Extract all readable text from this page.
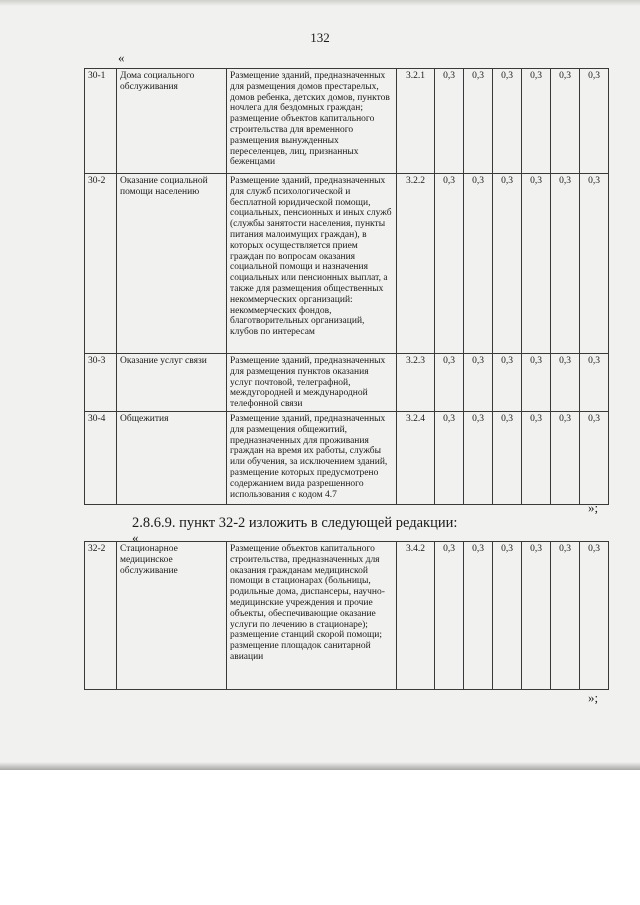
132
«
30-1	Дома социального обслуживания	Размещение зданий, предназначенных для размещения домов престарелых, домов ребенка, детских домов, пунктов ночлега для бездомных граждан; размещение объектов капитального строительства для временного размещения вынужденных переселенцев, лиц, признанных беженцами	3.2.1	0,3	0,3	0,3	0,3	0,3	0,3
30-2	Оказание социальной помощи населению	Размещение зданий, предназначенных для служб психологической и бесплатной юридической помощи, социальных, пенсионных и иных служб (службы занятости населения, пункты питания малоимущих граждан), в которых осуществляется прием граждан по вопросам оказания социальной помощи и назначения социальных или пенсионных выплат, а также для размещения общественных некоммерческих организаций: некоммерческих фондов, благотворительных организаций, клубов по интересам	3.2.2	0,3	0,3	0,3	0,3	0,3	0,3
30-3	Оказание услуг связи	Размещение зданий, предназначенных для размещения пунктов оказания услуг почтовой, телеграфной, междугородней и международной телефонной связи	3.2.3	0,3	0,3	0,3	0,3	0,3	0,3
30-4	Общежития	Размещение зданий, предназначенных для размещения общежитий, предназначенных для проживания граждан на время их работы, службы или обучения, за исключением зданий, размещение которых предусмотрено содержанием вида разрешенного использования с кодом 4.7	3.2.4	0,3	0,3	0,3	0,3	0,3	0,3
»;
2.8.6.9. пункт 32-2 изложить в следующей редакции:
«
32-2	Стационарное медицинское обслуживание	Размещение объектов капитального строительства, предназначенных для оказания гражданам медицинской помощи в стационарах (больницы, родильные дома, диспансеры, научно-медицинские учреждения и прочие объекты, обеспечивающие оказание услуги по лечению в стационаре); размещение станций скорой помощи; размещение площадок санитарной авиации	3.4.2	0,3	0,3	0,3	0,3	0,3	0,3
»;
